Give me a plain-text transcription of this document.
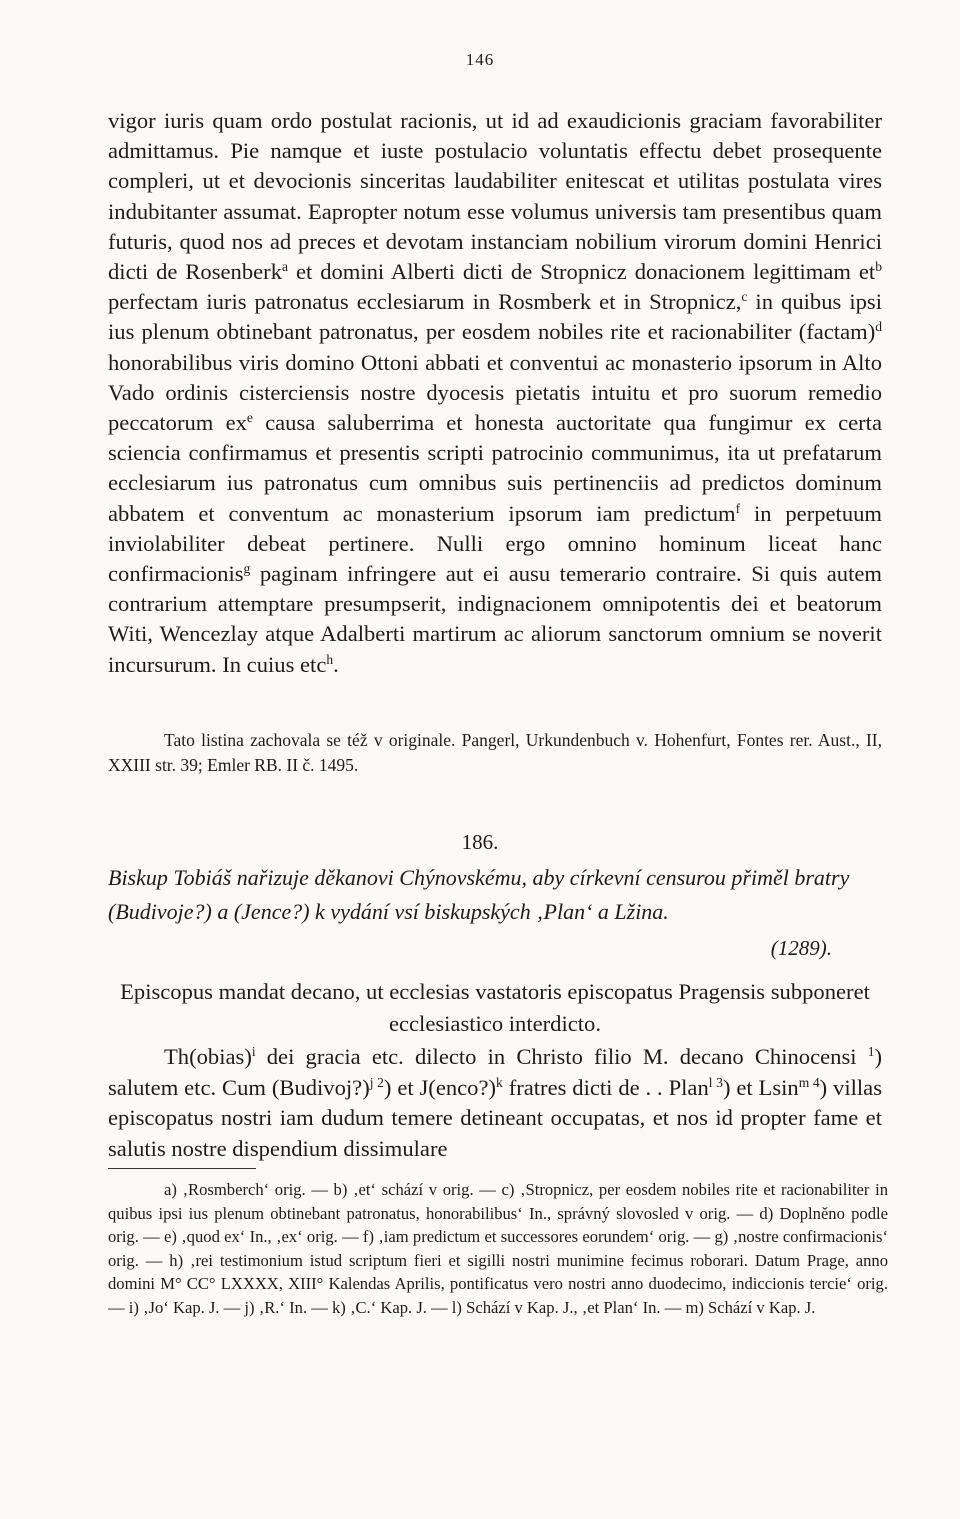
146

vigor iuris quam ordo postulat racionis, ut id ad exaudicionis graciam favorabiliter admittamus. Pie namque et iuste postulacio voluntatis effectu debet prosequente compleri, ut et devocionis sinceritas laudabiliter enitescat et utilitas postulata vires indubitanter assumat. Eapropter notum esse volumus universis tam presentibus quam futuris, quod nos ad preces et devotam instanciam nobilium virorum domini Henrici dicti de Rosenberk$^a$ et domini Alberti dicti de Stropnicz donacionem legittimam $et^b$ perfectam iuris patronatus ecclesiarum in Rosmberk et in Stropnicz,$^c$ in quibus ipsi ius plenum obtinebant patronatus, per eosdem nobiles rite et racionabiliter (factam)$^d$ honorabilibus viris domino Ottoni abbati et conventui ac monasterio ipsorum in Alto Vado ordinis cisterciensis nostre dyocesis pietatis intuitu et pro suorum remedio peccatorum $ex^e$ causa saluberrima et honesta auctoritate qua fungimur ex certa sciencia confirmamus et presentis scripti patrocinio communimus, ita ut prefatarum ecclesiarum ius patronatus cum omnibus suis pertinenciis ad predictos dominum abbatem et conventum ac monasterium ipsorum iam predictum$^f$ in perpetuum inviolabiliter debeat pertinere. Nulli ergo omnino hominum liceat hanc confirmacionis$^g$ paginam infringere aut ei ausu temerario contraire. Si quis autem contrarium attemptare presumpserit, indignacionem omnipotentis dei et beatorum Witi, Wencezlay atque Adalberti martirum ac aliorum sanctorum omnium se noverit incursurum. In cuius etc$^h$.

Tato listina zachovala se též v originale. Pangerl, Urkundenbuch v. Hohenfurt, Fontes rer. Aust., II, XXIII str. 39; Emler RB. II č. 1495.

186.
Biskup Tobiáš nařizuje děkanovi Chýnovskému, aby církevní censurou přiměl bratry (Budivoje?) a (Jence?) k vydání vsí biskupských ‚Plan‘ a Lžina.
(1289).
Episcopus mandat decano, ut ecclesias vastatoris episcopatus Pragensis subponeret ecclesiastico interdicto.

Th(obias)$^i$ dei gracia etc. dilecto in Christo filio M. decano Chinocensi $^1$) salutem etc. Cum (Budivoj?)$^{j 2}$) et J(enco?)$^k$ fratres dicti de . . Plan$^{l 3}$) et Lsin$^{m 4}$) villas episcopatus nostri iam dudum temere detineant occupatas, et nos id propter fame et salutis nostre dispendium dissimulare

a) ‚Rosmberch‘ orig. — b) ‚et‘ schází v orig. — c) ‚Stropnicz, per eosdem nobiles rite et racionabiliter in quibus ipsi ius plenum obtinebant patronatus, honorabilibus‘ In., správný slovosled v orig. — d) Doplněno podle orig. — e) ‚quod ex‘ In., ‚ex‘ orig. — f) ‚iam predictum et successores eorundem‘ orig. — g) ‚nostre confirmacionis‘ orig. — h) ‚rei testimonium istud scriptum fieri et sigilli nostri munimine fecimus roborari. Datum Prage, anno domini M° CC° LXXXX, XIII° Kalendas Aprilis, pontificatus vero nostri anno duodecimo, indiccionis tercie‘ orig. — i) ‚Jo‘ Kap. J. — j) ‚R.‘ In. — k) ‚C.‘ Kap. J. — l) Schází v Kap. J., ‚et Plan‘ In. — m) Schází v Kap. J.
